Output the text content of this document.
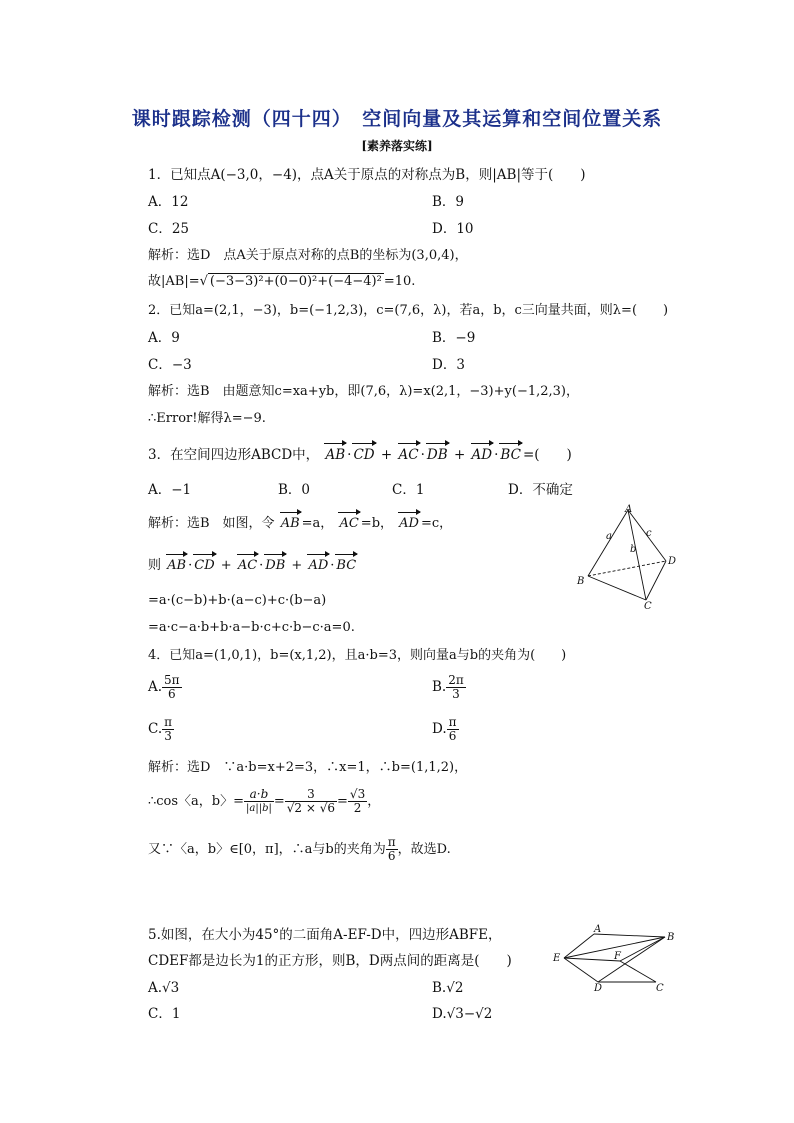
课时跟踪检测（四十四）　空间向量及其运算和空间位置关系
[素养落实练]
1．已知点A(−3,0，−4)，点A关于原点的对称点为B，则|AB|等于(　　)
A．12	B．9
C．25	D．10
解析：选D　点A关于原点对称的点B的坐标为(3,0,4)，
故|AB|=√ (−3−3)²+(0−0)²+(−4−4)² =10.
2．已知a=(2,1，−3)，b=(−1,2,3)，c=(7,6，λ)，若a，b，c三向量共面，则λ=(　　)
A．9	B．−9
C．−3	D．3
解析：选B　由题意知c=xa+yb，即(7,6，λ)=x(2,1，−3)+y(−1,2,3)，
∴Error!解得λ=−9.
3．在空间四边形ABCD中， AB · CD + AC · DB + AD · BC =(　　)
A．−1	B．0	C．1	D．不确定
解析：选B　如图，令 AB =a， AC =b， AD =c，
则 AB · CD + AC · DB + AD · BC
=a·(c−b)+b·(a−c)+c·(b−a)
=a·c−a·b+b·a−b·c+c·b−c·a=0.
A
B
C
D
a
b
c
4．已知a=(1,0,1)，b=(x,1,2)，且a·b=3，则向量a与b的夹角为(　　)
A. $\frac{5\pi}{6}$	B. $\frac{2\pi}{3}$
C. $\frac{\pi}{3}$	D. $\frac{\pi}{6}$
解析：选D　∵a·b=x+2=3，∴x=1，∴b=(1,1,2)，
∴cos〈a，b〉= $\frac{a\cdot b}{|a||b|} = \frac{3}{√2 \times √6} = \frac{√3}{2}$ ，
又∵〈a，b〉∈[0，π]，∴a与b的夹角为 $\frac{\pi}{6}$ ，故选D.
5.如图，在大小为45°的二面角A-EF-D中，四边形ABFE，
CDEF都是边长为1的正方形，则B，D两点间的距离是(　　)
A.√3	B.√2
C．1	D.√3−√2
A
B
E	F
D	C
